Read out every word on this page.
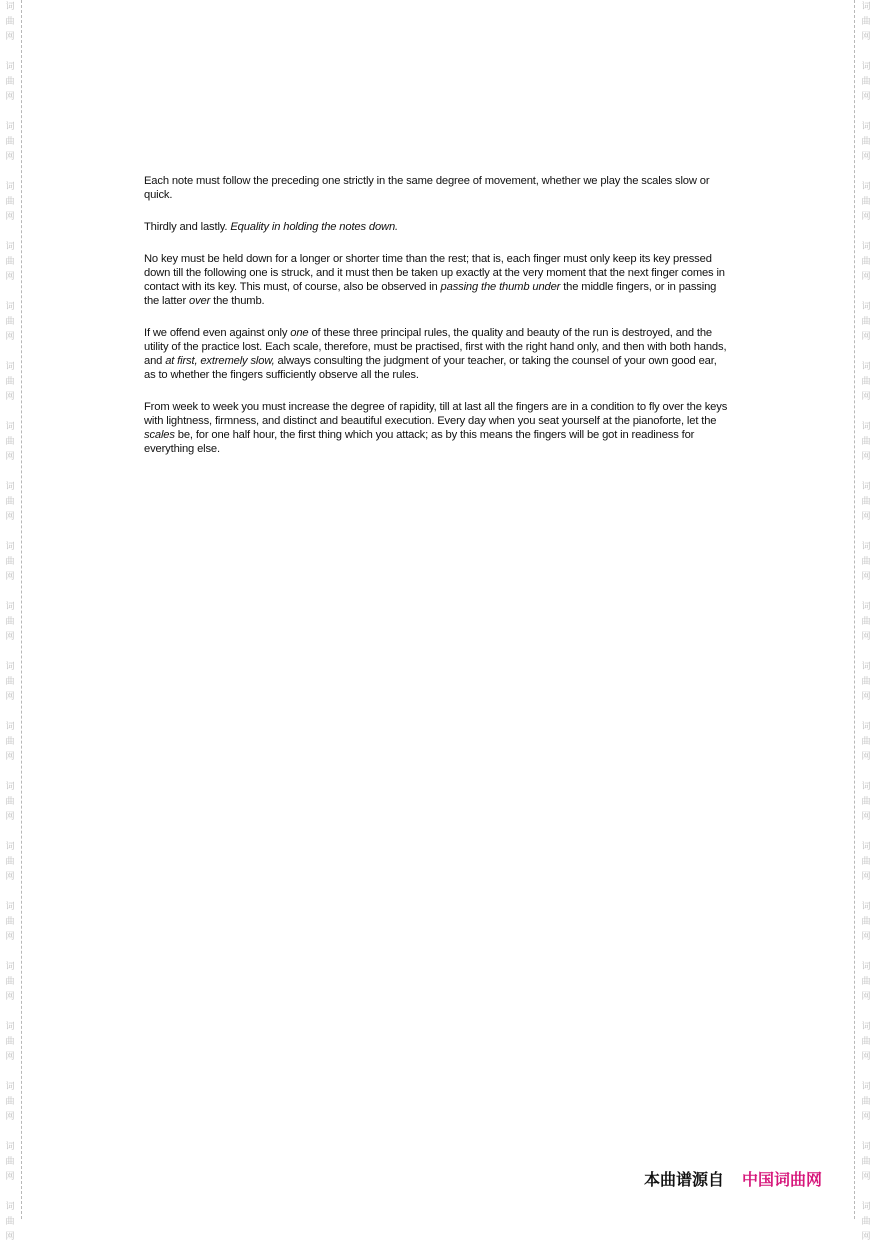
词
曲
网
词
曲
网
词
曲
网
词
曲
网
词
曲
网
词
曲
网
词
曲
网
词
曲
网
词
曲
网
词
曲
网
词
曲
网
词
曲
网
词
曲
网
词
曲
网
词
曲
网
词
曲
网
词
曲
网
词
曲
网
词
曲
网
词
曲
网
词
曲
网
词
曲
网
词
曲
网
词
曲
网
词
曲
网
词
曲
网
词
曲
网
词
曲
网
词
曲
网
词
曲
网
词
曲
网
词
曲
网
词
曲
网
词
曲
网
词
曲
网
词
曲
网
词
曲
网
词
曲
网
词
曲
网
词
曲
网
词
曲
网
词
曲
网

Each note must follow the preceding one strictly in the same degree of movement, whether we play the scales slow or quick.

Thirdly and lastly. Equality in holding the notes down.

No key must be held down for a longer or shorter time than the rest; that is, each finger must only keep its key pressed down till the following one is struck, and it must then be taken up exactly at the very moment that the next finger comes in contact with its key. This must, of course, also be observed in passing the thumb under the middle fingers, or in passing the latter over the thumb.

If we offend even against only one of these three principal rules, the quality and beauty of the run is destroyed, and the utility of the practice lost. Each scale, therefore, must be practised, first with the right hand only, and then with both hands, and at first, extremely slow, always consulting the judgment of your teacher, or taking the counsel of your own good ear, as to whether the fingers sufficiently observe all the rules.

From week to week you must increase the degree of rapidity, till at last all the fingers are in a condition to fly over the keys with lightness, firmness, and distinct and beautiful execution. Every day when you seat yourself at the pianoforte, let the scales be, for one half hour, the first thing which you attack; as by this means the fingers will be got in readiness for everything else.

本曲谱源自 中国词曲网
